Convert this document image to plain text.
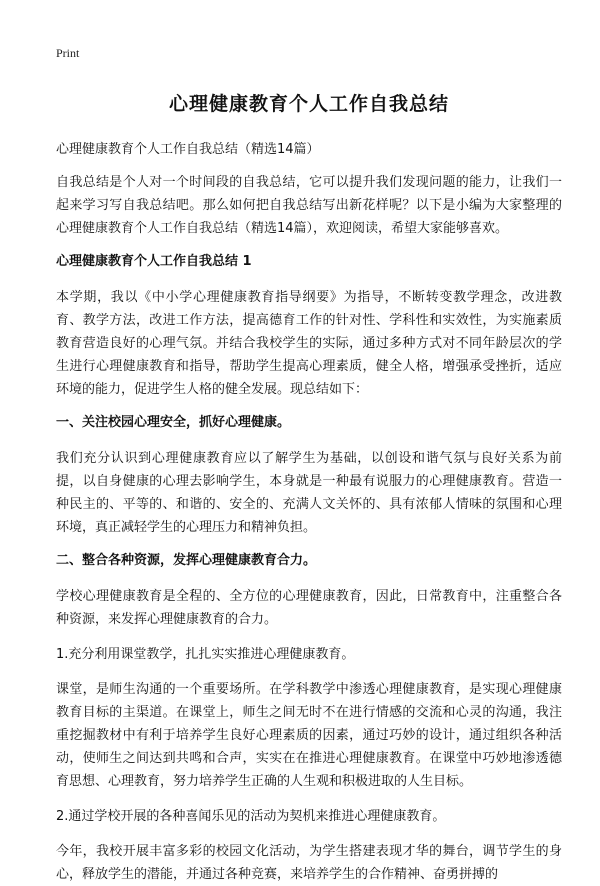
Print
心理健康教育个人工作自我总结
心理健康教育个人工作自我总结（精选14篇）

自我总结是个人对一个时间段的自我总结，它可以提升我们发现问题的能力，让我们一起来学习写自我总结吧。那么如何把自我总结写出新花样呢？以下是小编为大家整理的心理健康教育个人工作自我总结（精选14篇），欢迎阅读，希望大家能够喜欢。

心理健康教育个人工作自我总结 1

本学期，我以《中小学心理健康教育指导纲要》为指导，不断转变教学理念，改进教育、教学方法，改进工作方法，提高德育工作的针对性、学科性和实效性，为实施素质教育营造良好的心理气氛。并结合我校学生的实际，通过多种方式对不同年龄层次的学生进行心理健康教育和指导，帮助学生提高心理素质，健全人格，增强承受挫折，适应环境的能力，促进学生人格的健全发展。现总结如下：

一、关注校园心理安全，抓好心理健康。

我们充分认识到心理健康教育应以了解学生为基础，以创设和谐气氛与良好关系为前提，以自身健康的心理去影响学生，本身就是一种最有说服力的心理健康教育。营造一种民主的、平等的、和谐的、安全的、充满人文关怀的、具有浓郁人情味的氛围和心理环境，真正减轻学生的心理压力和精神负担。

二、整合各种资源，发挥心理健康教育合力。

学校心理健康教育是全程的、全方位的心理健康教育，因此，日常教育中，注重整合各种资源，来发挥心理健康教育的合力。

1.充分利用课堂教学，扎扎实实推进心理健康教育。

课堂，是师生沟通的一个重要场所。在学科教学中渗透心理健康教育，是实现心理健康教育目标的主渠道。在课堂上，师生之间无时不在进行情感的交流和心灵的沟通，我注重挖掘教材中有利于培养学生良好心理素质的因素，通过巧妙的设计，通过组织各种活动，使师生之间达到共鸣和合声，实实在在推进心理健康教育。在课堂中巧妙地渗透德育思想、心理教育，努力培养学生正确的人生观和积极进取的人生目标。

2.通过学校开展的各种喜闻乐见的活动为契机来推进心理健康教育。

今年，我校开展丰富多彩的校园文化活动，为学生搭建表现才华的舞台，调节学生的身心，释放学生的潜能，并通过各种竞赛，来培养学生的合作精神、奋勇拼搏的
